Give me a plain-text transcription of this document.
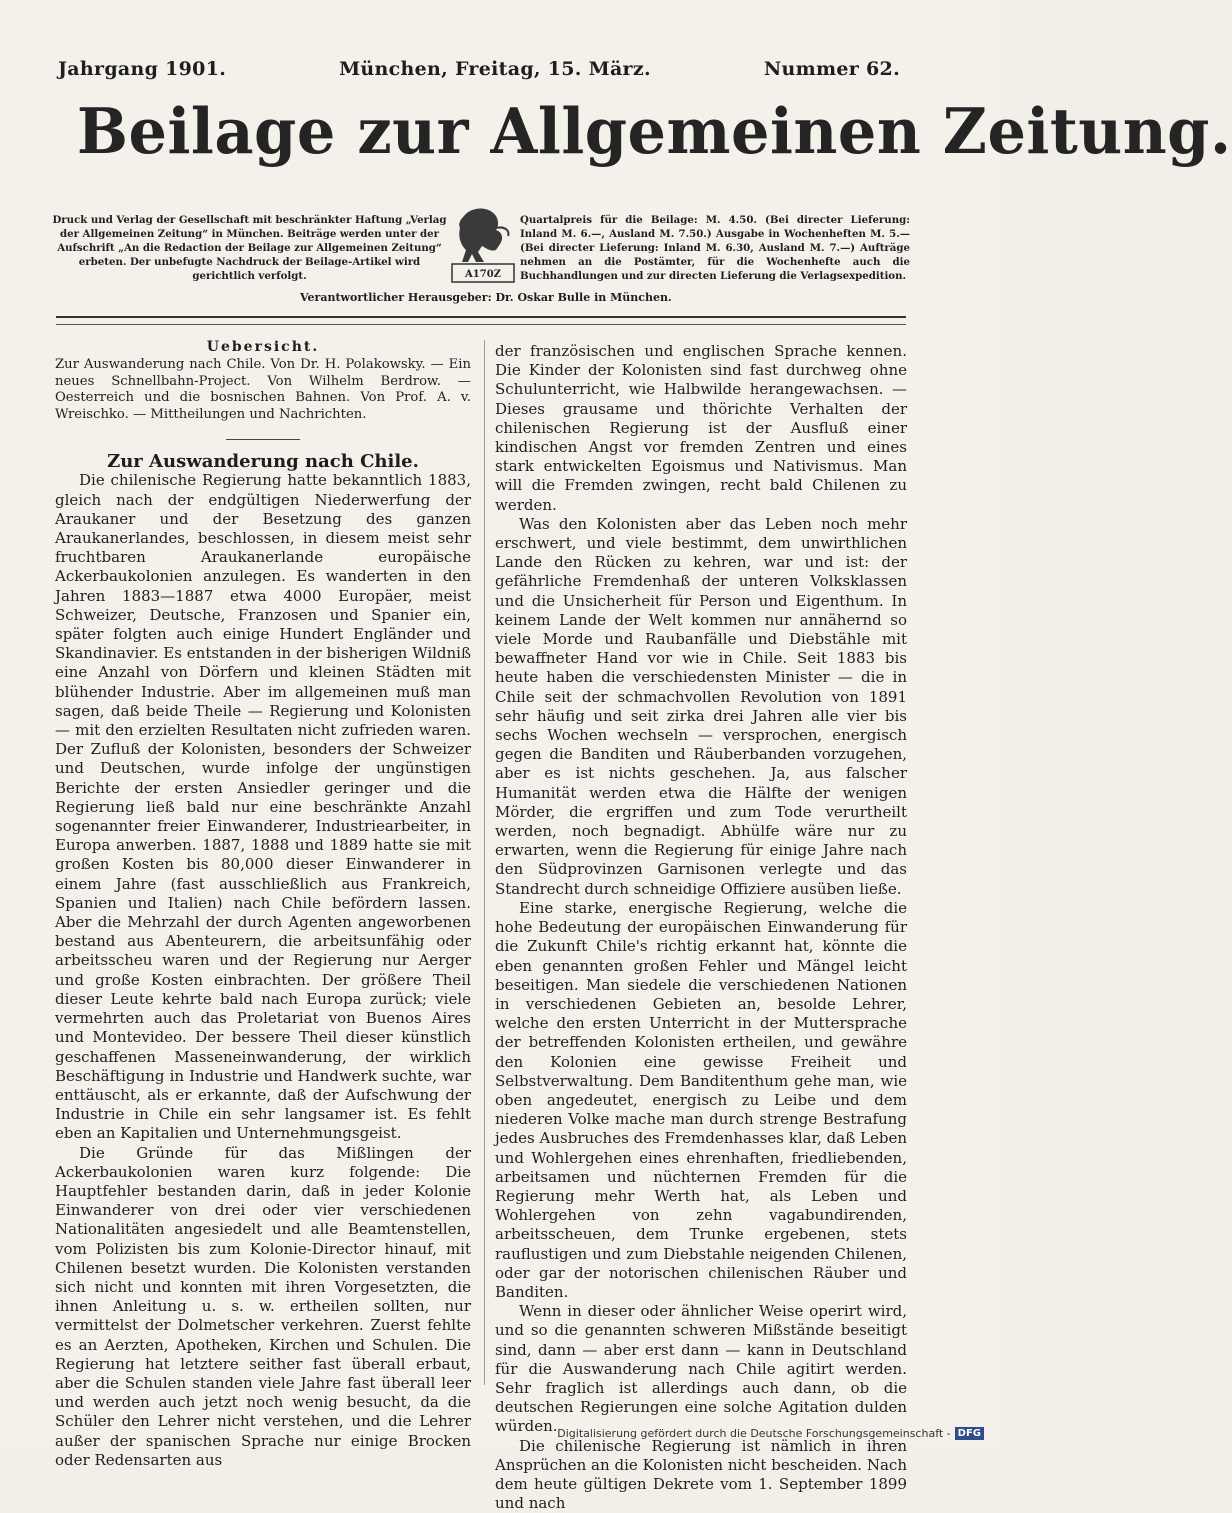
Jahrgang 1901.	München, Freitag, 15. März.	Nummer 62.
Beilage zur Allgemeinen Zeitung.
Druck und Verlag der Gesellschaft mit beschränkter Haftung „Verlag der Allgemeinen Zeitung“ in München. Beiträge werden unter der Aufschrift „An die Redaction der Beilage zur Allgemeinen Zeitung“ erbeten. Der unbefugte Nachdruck der Beilage-Artikel wird gerichtlich verfolgt.	A170Z
Quartalpreis für die Beilage: M. 4.50. (Bei directer Lieferung: Inland M. 6.—, Ausland M. 7.50.) Ausgabe in Wochenheften M. 5.— (Bei directer Lieferung: Inland M. 6.30, Ausland M. 7.—) Aufträge nehmen an die Postämter, für die Wochenhefte auch die Buchhandlungen und zur directen Lieferung die Verlagsexpedition.
Verantwortlicher Herausgeber: Dr. Oskar Bulle in München.

Uebersicht.

Zur Auswanderung nach Chile. Von Dr. H. Polakowsky. — Ein neues Schnellbahn-Project. Von Wilhelm Berdrow. — Oesterreich und die bosnischen Bahnen. Von Prof. A. v. Wreischko. — Mittheilungen und Nachrichten.

Zur Auswanderung nach Chile.

Die chilenische Regierung hatte bekanntlich 1883, gleich nach der endgültigen Niederwerfung der Araukaner und der Besetzung des ganzen Araukanerlandes, beschlossen, in diesem meist sehr fruchtbaren Araukanerlande europäische Ackerbaukolonien anzulegen. Es wanderten in den Jahren 1883—1887 etwa 4000 Europäer, meist Schweizer, Deutsche, Franzosen und Spanier ein, später folgten auch einige Hundert Engländer und Skandinavier. Es entstanden in der bisherigen Wildniß eine Anzahl von Dörfern und kleinen Städten mit blühender Industrie. Aber im allgemeinen muß man sagen, daß beide Theile — Regierung und Kolonisten — mit den erzielten Resultaten nicht zufrieden waren. Der Zufluß der Kolonisten, besonders der Schweizer und Deutschen, wurde infolge der ungünstigen Berichte der ersten Ansiedler geringer und die Regierung ließ bald nur eine beschränkte Anzahl sogenannter freier Einwanderer, Industriearbeiter, in Europa anwerben. 1887, 1888 und 1889 hatte sie mit großen Kosten bis 80,000 dieser Einwanderer in einem Jahre (fast ausschließlich aus Frankreich, Spanien und Italien) nach Chile befördern lassen. Aber die Mehrzahl der durch Agenten angeworbenen bestand aus Abenteurern, die arbeitsunfähig oder arbeitsscheu waren und der Regierung nur Aerger und große Kosten einbrachten. Der größere Theil dieser Leute kehrte bald nach Europa zurück; viele vermehrten auch das Proletariat von Buenos Aires und Montevideo. Der bessere Theil dieser künstlich geschaffenen Masseneinwanderung, der wirklich Beschäftigung in Industrie und Handwerk suchte, war enttäuscht, als er erkannte, daß der Aufschwung der Industrie in Chile ein sehr langsamer ist. Es fehlt eben an Kapitalien und Unternehmungsgeist.

Die Gründe für das Mißlingen der Ackerbaukolonien waren kurz folgende: Die Hauptfehler bestanden darin, daß in jeder Kolonie Einwanderer von drei oder vier verschiedenen Nationalitäten angesiedelt und alle Beamtenstellen, vom Polizisten bis zum Kolonie-Director hinauf, mit Chilenen besetzt wurden. Die Kolonisten verstanden sich nicht und konnten mit ihren Vorgesetzten, die ihnen Anleitung u. s. w. ertheilen sollten, nur vermittelst der Dolmetscher verkehren. Zuerst fehlte es an Aerzten, Apotheken, Kirchen und Schulen. Die Regierung hat letztere seither fast überall erbaut, aber die Schulen standen viele Jahre fast überall leer und werden auch jetzt noch wenig besucht, da die Schüler den Lehrer nicht verstehen, und die Lehrer außer der spanischen Sprache nur einige Brocken oder Redensarten aus

der französischen und englischen Sprache kennen. Die Kinder der Kolonisten sind fast durchweg ohne Schulunterricht, wie Halbwilde herangewachsen. — Dieses grausame und thörichte Verhalten der chilenischen Regierung ist der Ausfluß einer kindischen Angst vor fremden Zentren und eines stark entwickelten Egoismus und Nativismus. Man will die Fremden zwingen, recht bald Chilenen zu werden.

Was den Kolonisten aber das Leben noch mehr erschwert, und viele bestimmt, dem unwirthlichen Lande den Rücken zu kehren, war und ist: der gefährliche Fremdenhaß der unteren Volksklassen und die Unsicherheit für Person und Eigenthum. In keinem Lande der Welt kommen nur annähernd so viele Morde und Raubanfälle und Diebstähle mit bewaffneter Hand vor wie in Chile. Seit 1883 bis heute haben die verschiedensten Minister — die in Chile seit der schmachvollen Revolution von 1891 sehr häufig und seit zirka drei Jahren alle vier bis sechs Wochen wechseln — versprochen, energisch gegen die Banditen und Räuberbanden vorzugehen, aber es ist nichts geschehen. Ja, aus falscher Humanität werden etwa die Hälfte der wenigen Mörder, die ergriffen und zum Tode verurtheilt werden, noch begnadigt. Abhülfe wäre nur zu erwarten, wenn die Regierung für einige Jahre nach den Südprovinzen Garnisonen verlegte und das Standrecht durch schneidige Offiziere ausüben ließe.

Eine starke, energische Regierung, welche die hohe Bedeutung der europäischen Einwanderung für die Zukunft Chile's richtig erkannt hat, könnte die eben genannten großen Fehler und Mängel leicht beseitigen. Man siedele die verschiedenen Nationen in verschiedenen Gebieten an, besolde Lehrer, welche den ersten Unterricht in der Muttersprache der betreffenden Kolonisten ertheilen, und gewähre den Kolonien eine gewisse Freiheit und Selbstverwaltung. Dem Banditenthum gehe man, wie oben angedeutet, energisch zu Leibe und dem niederen Volke mache man durch strenge Bestrafung jedes Ausbruches des Fremdenhasses klar, daß Leben und Wohlergehen eines ehrenhaften, friedliebenden, arbeitsamen und nüchternen Fremden für die Regierung mehr Werth hat, als Leben und Wohlergehen von zehn vagabundirenden, arbeitsscheuen, dem Trunke ergebenen, stets rauflustigen und zum Diebstahle neigenden Chilenen, oder gar der notorischen chilenischen Räuber und Banditen.

Wenn in dieser oder ähnlicher Weise operirt wird, und so die genannten schweren Mißstände beseitigt sind, dann — aber erst dann — kann in Deutschland für die Auswanderung nach Chile agitirt werden. Sehr fraglich ist allerdings auch dann, ob die deutschen Regierungen eine solche Agitation dulden würden.

Die chilenische Regierung ist nämlich in ihren Ansprüchen an die Kolonisten nicht bescheiden. Nach dem heute gültigen Dekrete vom 1. September 1899 und nach

Digitalisierung gefördert durch die Deutsche Forschungsgemeinschaft - DFG
